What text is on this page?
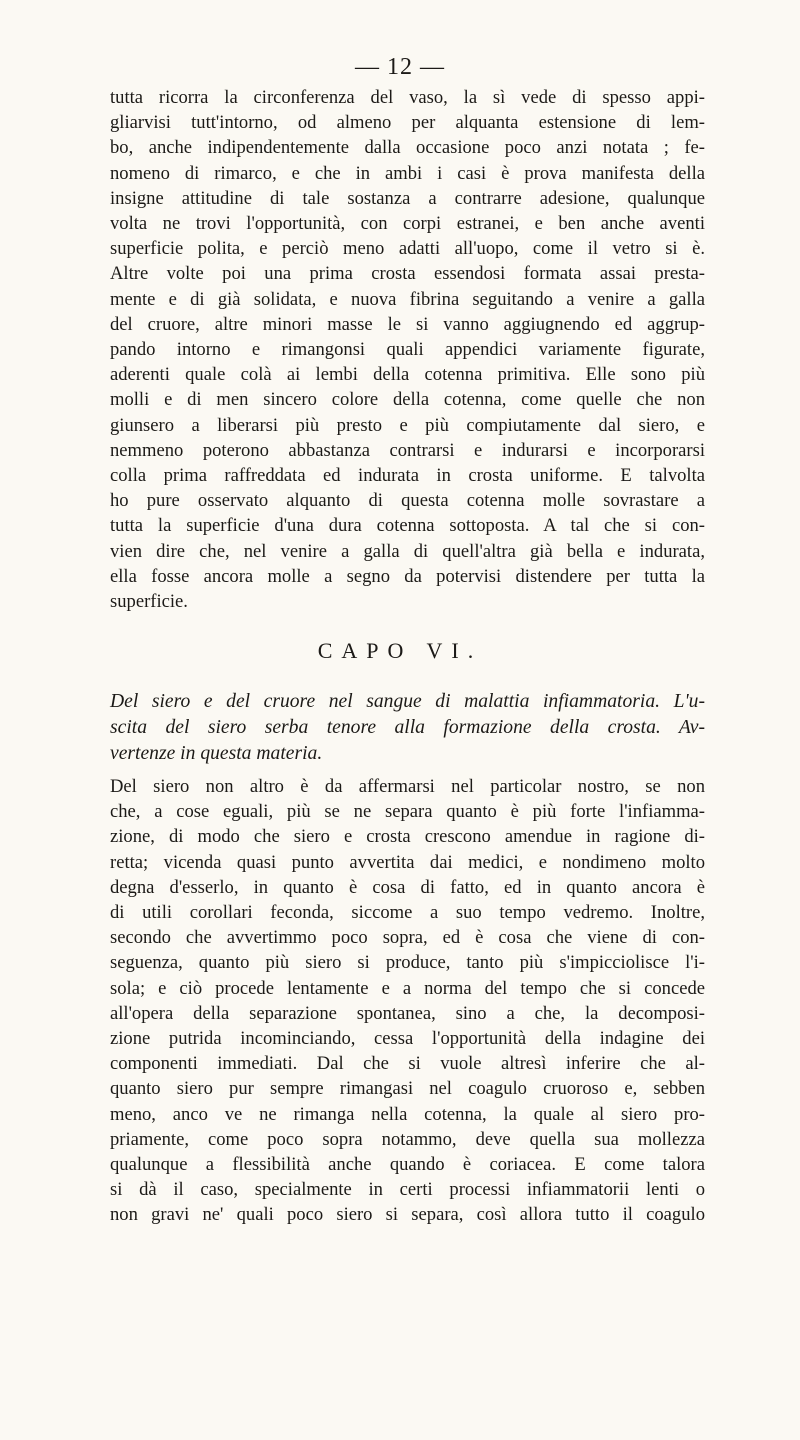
— 12 —
tutta ricorra la circonferenza del vaso, la sì vede di spesso appi-
gliarvisi tutt'intorno, od almeno per alquanta estensione di lem-
bo, anche indipendentemente dalla occasione poco anzi notata ; fe-
nomeno di rimarco, e che in ambi i casi è prova manifesta della
insigne attitudine di tale sostanza a contrarre adesione, qualunque
volta ne trovi l'opportunità, con corpi estranei, e ben anche aventi
superficie polita, e perciò meno adatti all'uopo, come il vetro si è.
Altre volte poi una prima crosta essendosi formata assai presta-
mente e di già solidata, e nuova fibrina seguitando a venire a galla
del cruore, altre minori masse le si vanno aggiugnendo ed aggrup-
pando intorno e rimangonsi quali appendici variamente figurate,
aderenti quale colà ai lembi della cotenna primitiva. Elle sono più
molli e di men sincero colore della cotenna, come quelle che non
giunsero a liberarsi più presto e più compiutamente dal siero, e
nemmeno poterono abbastanza contrarsi e indurarsi e incorporarsi
colla prima raffreddata ed indurata in crosta uniforme. E talvolta
ho pure osservato alquanto di questa cotenna molle sovrastare a
tutta la superficie d'una dura cotenna sottoposta. A tal che si con-
vien dire che, nel venire a galla di quell'altra già bella e indurata,
ella fosse ancora molle a segno da potervisi distendere per tutta la
superficie.
CAPO VI.
Del siero e del cruore nel sangue di malattia infiammatoria. L'u-
scita del siero serba tenore alla formazione della crosta. Av-
vertenze in questa materia.
Del siero non altro è da affermarsi nel particolar nostro, se non
che, a cose eguali, più se ne separa quanto è più forte l'infiamma-
zione, di modo che siero e crosta crescono amendue in ragione di-
retta; vicenda quasi punto avvertita dai medici, e nondimeno molto
degna d'esserlo, in quanto è cosa di fatto, ed in quanto ancora è
di utili corollari feconda, siccome a suo tempo vedremo. Inoltre,
secondo che avvertimmo poco sopra, ed è cosa che viene di con-
seguenza, quanto più siero si produce, tanto più s'impicciolisce l'i-
sola; e ciò procede lentamente e a norma del tempo che si concede
all'opera della separazione spontanea, sino a che, la decomposi-
zione putrida incominciando, cessa l'opportunità della indagine dei
componenti immediati. Dal che si vuole altresì inferire che al-
quanto siero pur sempre rimangasi nel coagulo cruoroso e, sebben
meno, anco ve ne rimanga nella cotenna, la quale al siero pro-
priamente, come poco sopra notammo, deve quella sua mollezza
qualunque a flessibilità anche quando è coriacea. E come talora
si dà il caso, specialmente in certi processi infiammatorii lenti o
non gravi ne' quali poco siero si separa, così allora tutto il coagulo
